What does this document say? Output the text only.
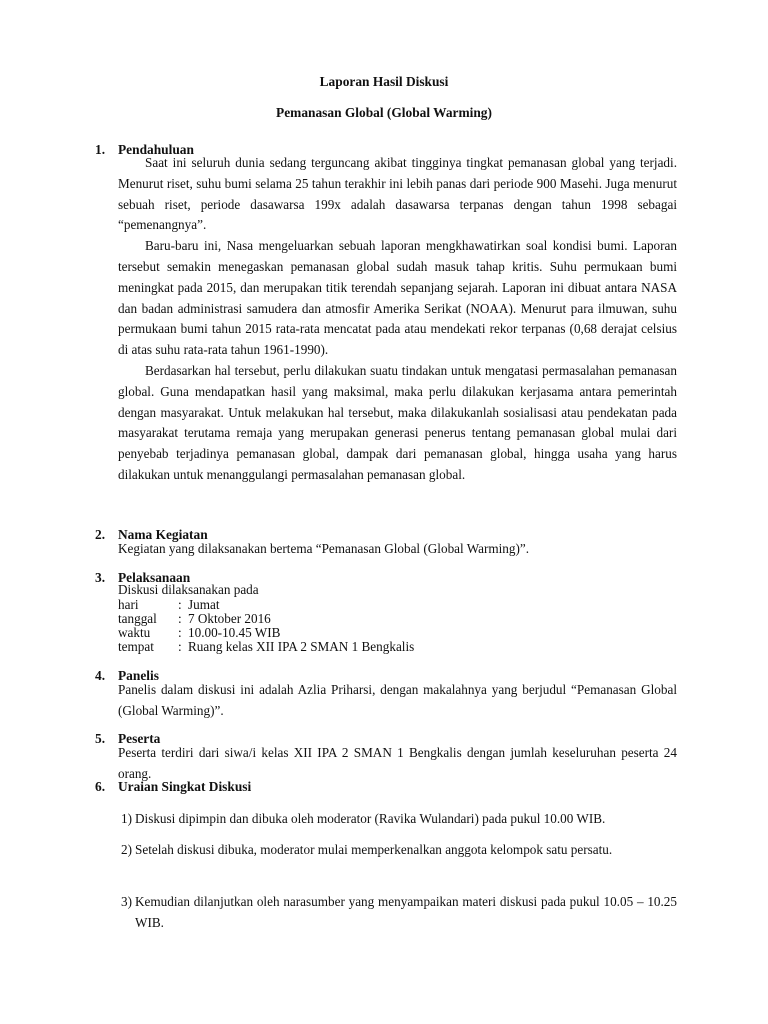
Laporan Hasil Diskusi
Pemanasan Global (Global Warming)
1. Pendahuluan

Saat ini seluruh dunia sedang terguncang akibat tingginya tingkat pemanasan global yang terjadi. Menurut riset, suhu bumi selama 25 tahun terakhir ini lebih panas dari periode 900 Masehi. Juga menurut sebuah riset, periode dasawarsa 199x adalah dasawarsa terpanas dengan tahun 1998 sebagai “pemenangnya”.

Baru-baru ini, Nasa mengeluarkan sebuah laporan mengkhawatirkan soal kondisi bumi. Laporan tersebut semakin menegaskan pemanasan global sudah masuk tahap kritis. Suhu permukaan bumi meningkat pada 2015, dan merupakan titik terendah sepanjang sejarah. Laporan ini dibuat antara NASA dan badan administrasi samudera dan atmosfir Amerika Serikat (NOAA). Menurut para ilmuwan, suhu permukaan bumi tahun 2015 rata-rata mencatat pada atau mendekati rekor terpanas (0,68 derajat celsius di atas suhu rata-rata tahun 1961-1990).

Berdasarkan hal tersebut, perlu dilakukan suatu tindakan untuk mengatasi permasalahan pemanasan global. Guna mendapatkan hasil yang maksimal, maka perlu dilakukan kerjasama antara pemerintah dengan masyarakat. Untuk melakukan hal tersebut, maka dilakukanlah sosialisasi atau pendekatan pada masyarakat terutama remaja yang merupakan generasi penerus tentang pemanasan global mulai dari penyebab terjadinya pemanasan global, dampak dari pemanasan global, hingga usaha yang harus dilakukan untuk menanggulangi permasalahan pemanasan global.

2. Nama Kegiatan
Kegiatan yang dilaksanakan bertema “Pemanasan Global (Global Warming)”.
3. Pelaksanaan
Diskusi dilaksanakan pada
hari	: Jumat
tanggal : 7 Oktober 2016
waktu : 10.00-10.45 WIB
tempat : Ruang kelas XII IPA 2 SMAN 1 Bengkalis
4. Panelis

Panelis dalam diskusi ini adalah Azlia Priharsi, dengan makalahnya yang berjudul “Pemanasan Global (Global Warming)”.

5. Peserta

Peserta terdiri dari siwa/i kelas XII IPA 2 SMAN 1 Bengkalis dengan jumlah keseluruhan peserta 24 orang.

6. Uraian Singkat Diskusi
1) Diskusi dipimpin dan dibuka oleh moderator (Ravika Wulandari) pada pukul 10.00 WIB.
2) Setelah diskusi dibuka, moderator mulai memperkenalkan anggota kelompok satu persatu.
3) Kemudian dilanjutkan oleh narasumber yang menyampaikan materi diskusi pada pukul 10.05 – 10.25 WIB.
